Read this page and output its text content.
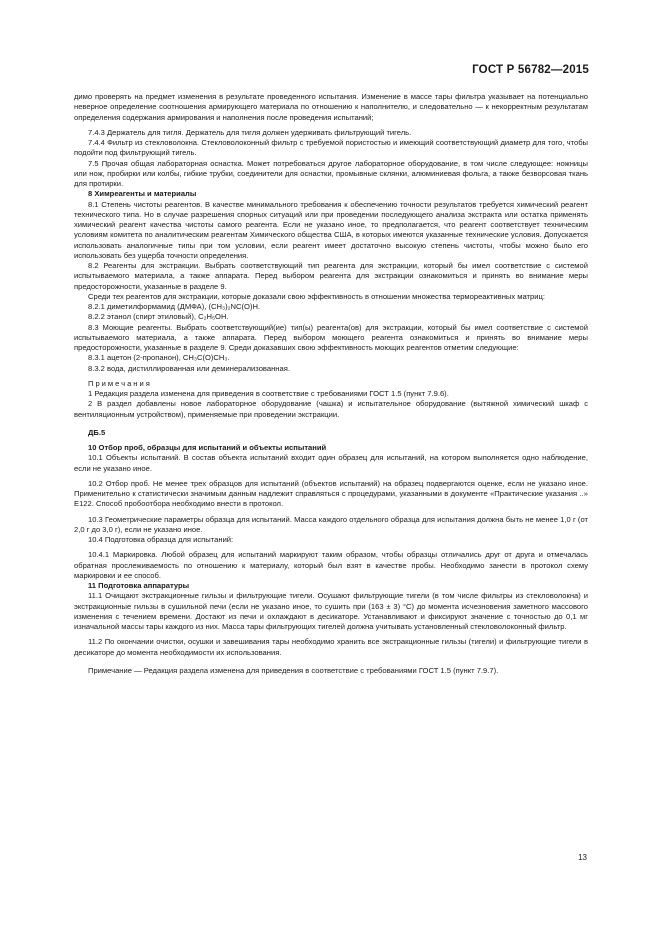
ГОСТ Р 56782—2015

димо проверять на предмет изменения в результате проведенного испытания. Изменение в массе тары фильтра указывает на потенциально неверное определение соотношения армирующего материала по отношению к наполнителю, и следовательно — к некорректным результатам определения содержания армирования и наполнения после проведения испытаний;

7.4.3 Держатель для тигля. Держатель для тигля должен удерживать фильтрующий тигель.

7.4.4 Фильтр из стекловолокна. Стекловолоконный фильтр с требуемой пористостью и имеющий соответствующий диаметр для того, чтобы подойти под фильтрующий тигель.

7.5 Прочая общая лабораторная оснастка. Может потребоваться другое лабораторное оборудование, в том числе следующее: ножницы или нож, пробирки или колбы, гибкие трубки, соединители для оснастки, промывные склянки, алюминиевая фольга, а также безворсовая ткань для протирки.

8 Химреагенты и материалы

8.1 Степень чистоты реагентов. В качестве минимального требования к обеспечению точности результатов требуется химический реагент технического типа. Но в случае разрешения спорных ситуаций или при проведении последующего анализа экстракта или остатка применять химический реагент качества чистоты самого реагента. Если не указано иное, то предполагается, что реагент соответствует техническим условиям комитета по аналитическим реагентам Химического общества США, в которых имеются указанные технические условия. Допускается использовать аналогичные типы при том условии, если реагент имеет достаточно высокую степень чистоты, чтобы можно было его использовать без ущерба точности определения.

8.2 Реагенты для экстракции. Выбрать соответствующий тип реагента для экстракции, который бы имел соответствие с системой испытываемого материала, а также аппарата. Перед выбором реагента для экстракции ознакомиться и принять во внимание меры предосторожности, указанные в разделе 9.

Среди тех реагентов для экстракции, которые доказали свою эффективность в отношении множества термореактивных матриц:

8.2.1 диметилформамид (ДМФА), (CH₃)₂NC(O)H.

8.2.2 этанол (спирт этиловый), C₂H₅OH.

8.3 Моющие реагенты. Выбрать соответствующий(ие) тип(ы) реагента(ов) для экстракции, который бы имел соответствие с системой испытываемого материала, а также аппарата. Перед выбором моющего реагента ознакомиться и принять во внимание меры предосторожности, указанные в разделе 9. Среди доказавших свою эффективность моющих реагентов отметим следующие:

8.3.1 ацетон (2-пропанон), CH₃C(O)CH₃.

8.3.2 вода, дистиллированная или деминерализованная.

Примечания

1 Редакция раздела изменена для приведения в соответствие с требованиями ГОСТ 1.5 (пункт 7.9.6).

2 В раздел добавлены новое лабораторное оборудование (чашка) и испытательное оборудование (вытяжной химический шкаф с вентиляционным устройством), применяемые при проведении экстракции.

ДБ.5

10 Отбор проб, образцы для испытаний и объекты испытаний

10.1 Объекты испытаний. В состав объекта испытаний входит один образец для испытаний, на котором выполняется одно наблюдение, если не указано иное.

10.2 Отбор проб. Не менее трех образцов для испытаний (объектов испытаний) на образец подвергаются оценке, если не указано иное. Применительно к статистически значимым данным надлежит справляться с процедурами, указанными в документе «Практические указания ..» Е122. Способ пробоотбора необходимо внести в протокол.

10.3 Геометрические параметры образца для испытаний. Масса каждого отдельного образца для испытания должна быть не менее 1,0 г (от 2,0 г до 3,0 г), если не указано иное.

10.4 Подготовка образца для испытаний:

10.4.1 Маркировка. Любой образец для испытаний маркируют таким образом, чтобы образцы отличались друг от друга и отмечалась обратная прослеживаемость по отношению к материалу, который был взят в качестве пробы. Необходимо занести в протокол схему маркировки и ее способ.

11 Подготовка аппаратуры

11.1 Очищают экстракционные гильзы и фильтрующие тигели. Осушают фильтрующие тигели (в том числе фильтры из стекловолокна) и экстракционные гильзы в сушильной печи (если не указано иное, то сушить при (163 ± 3) °С) до момента исчезновения заметного массового изменения с течением времени. Достают из печи и охлаждают в десикаторе. Устанавливают и фиксируют значение с точностью до 0,1 мг изначальной массы тары каждого из них. Масса тары фильтрующих тигелей должна учитывать установленный стекловолоконный фильтр.

11.2 По окончании очистки, осушки и завешивания тары необходимо хранить все экстракционные гильзы (тигели) и фильтрующие тигели в десикаторе до момента необходимости их использования.

Примечание — Редакция раздела изменена для приведения в соответствие с требованиями ГОСТ 1.5 (пункт 7.9.7).

13
